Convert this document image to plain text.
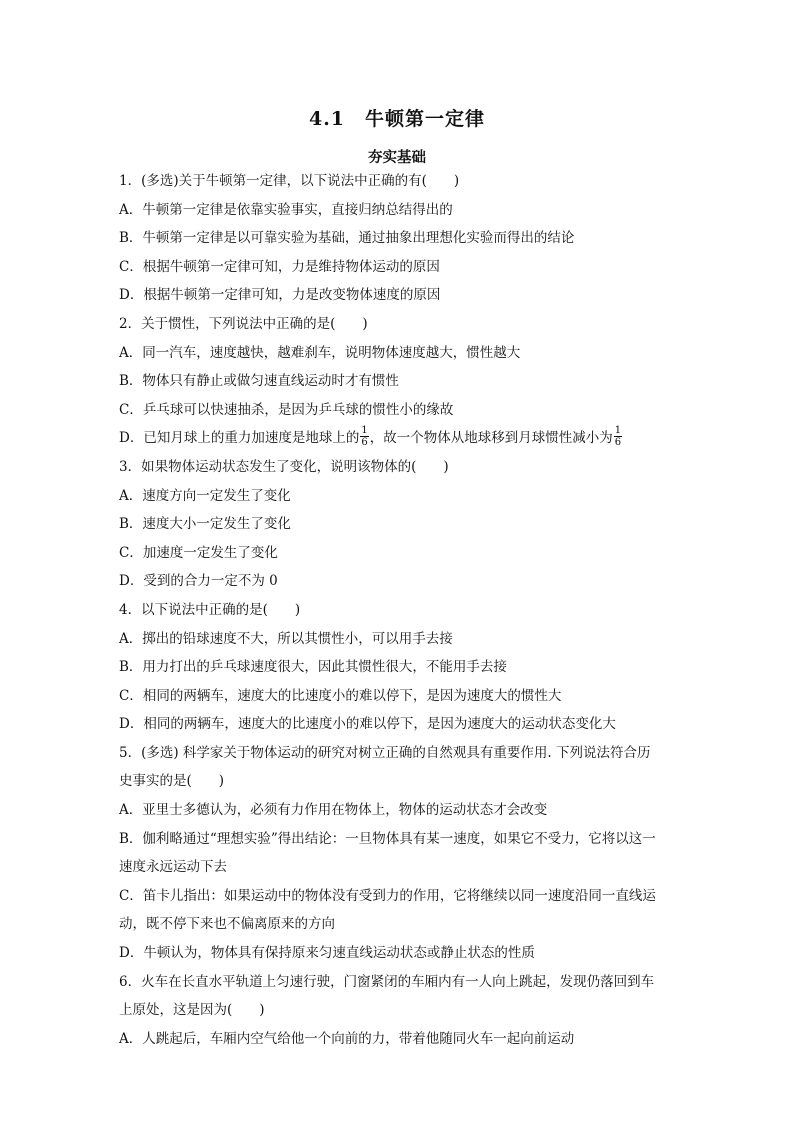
4.1　牛顿第一定律
夯实基础
1．(多选)关于牛顿第一定律，以下说法中正确的有(　　)
A．牛顿第一定律是依靠实验事实，直接归纳总结得出的
B．牛顿第一定律是以可靠实验为基础，通过抽象出理想化实验而得出的结论
C．根据牛顿第一定律可知，力是维持物体运动的原因
D．根据牛顿第一定律可知，力是改变物体速度的原因
2．关于惯性，下列说法中正确的是(　　)
A．同一汽车，速度越快，越难刹车，说明物体速度越大，惯性越大
B．物体只有静止或做匀速直线运动时才有惯性
C．乒乓球可以快速抽杀，是因为乒乓球的惯性小的缘故
D．已知月球上的重力加速度是地球上的 $\frac{1}{6}$ ，故一个物体从地球移到月球惯性减小为 $\frac{1}{6}$
3．如果物体运动状态发生了变化，说明该物体的(　　)
A．速度方向一定发生了变化
B．速度大小一定发生了变化
C．加速度一定发生了变化
D．受到的合力一定不为 0
4．以下说法中正确的是(　　)
A．掷出的铅球速度不大，所以其惯性小，可以用手去接
B．用力打出的乒乓球速度很大，因此其惯性很大，不能用手去接
C．相同的两辆车，速度大的比速度小的难以停下，是因为速度大的惯性大
D．相同的两辆车，速度大的比速度小的难以停下，是因为速度大的运动状态变化大
5．(多选) 科学家关于物体运动的研究对树立正确的自然观具有重要作用. 下列说法符合历
史事实的是(　　)
A．亚里士多德认为，必须有力作用在物体上，物体的运动状态才会改变
B．伽利略通过“理想实验”得出结论：一旦物体具有某一速度，如果它不受力，它将以这一
速度永远运动下去
C．笛卡儿指出：如果运动中的物体没有受到力的作用，它将继续以同一速度沿同一直线运
动，既不停下来也不偏离原来的方向
D．牛顿认为，物体具有保持原来匀速直线运动状态或静止状态的性质
6．火车在长直水平轨道上匀速行驶，门窗紧闭的车厢内有一人向上跳起，发现仍落回到车
上原处，这是因为(　　)
A．人跳起后，车厢内空气给他一个向前的力，带着他随同火车一起向前运动
